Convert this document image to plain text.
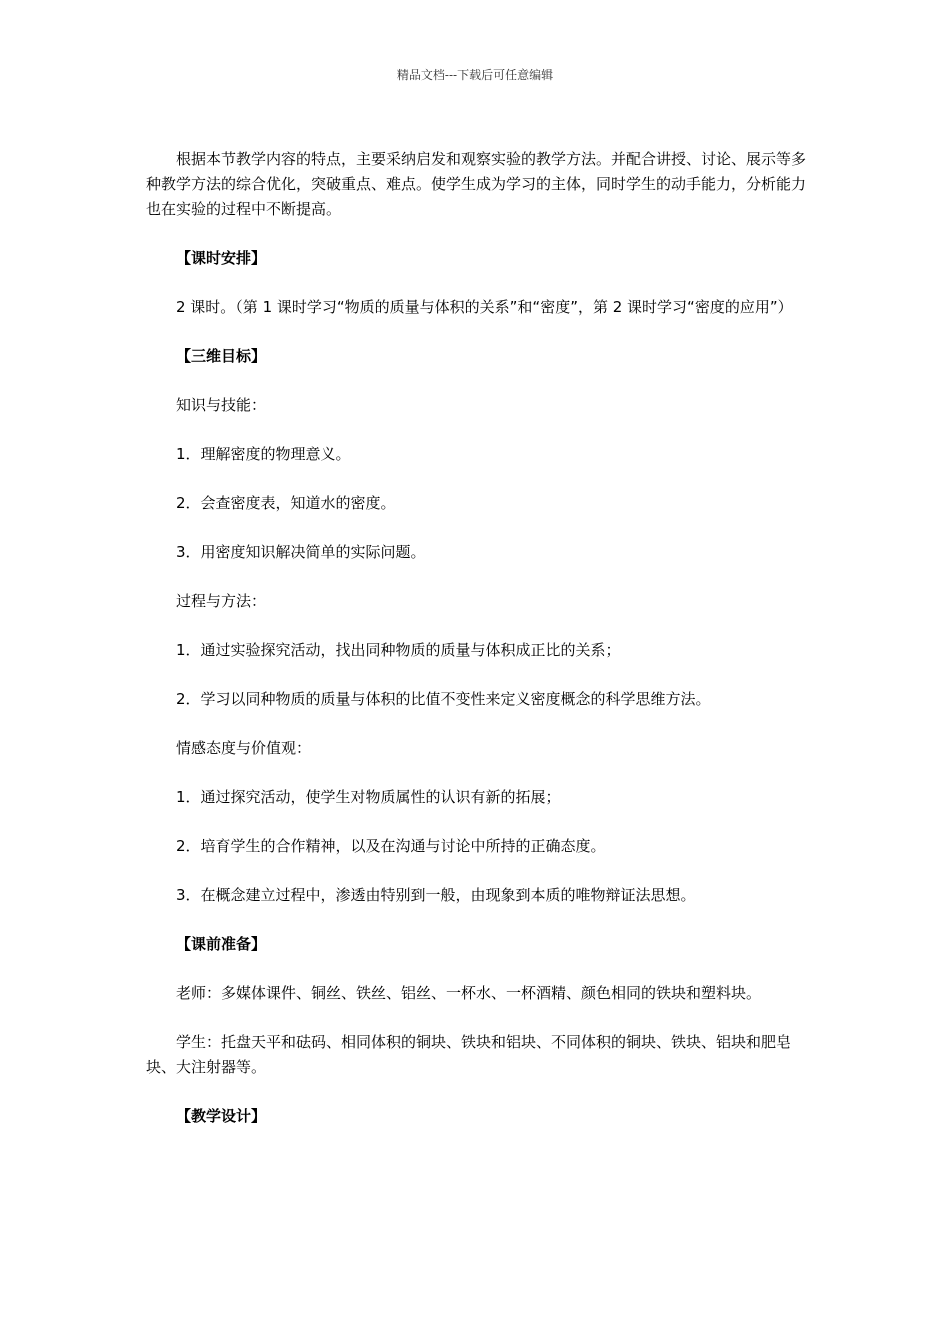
精品文档---下载后可任意编辑

根据本节教学内容的特点，主要采纳启发和观察实验的教学方法。并配合讲授、讨论、展示等多种教学方法的综合优化，突破重点、难点。使学生成为学习的主体，同时学生的动手能力，分析能力也在实验的过程中不断提高。

【课时安排】

2 课时。（第 1 课时学习“物质的质量与体积的关系”和“密度”，第 2 课时学习“密度的应用”）

【三维目标】

知识与技能：

1．理解密度的物理意义。

2．会查密度表，知道水的密度。

3．用密度知识解决简单的实际问题。

过程与方法：

1．通过实验探究活动，找出同种物质的质量与体积成正比的关系；

2．学习以同种物质的质量与体积的比值不变性来定义密度概念的科学思维方法。

情感态度与价值观：

1．通过探究活动，使学生对物质属性的认识有新的拓展；

2．培育学生的合作精神，以及在沟通与讨论中所持的正确态度。

3．在概念建立过程中，渗透由特别到一般，由现象到本质的唯物辩证法思想。

【课前准备】

老师：多媒体课件、铜丝、铁丝、铝丝、一杯水、一杯酒精、颜色相同的铁块和塑料块。

学生：托盘天平和砝码、相同体积的铜块、铁块和铝块、不同体积的铜块、铁块、铝块和肥皂块、大注射器等。

【教学设计】
